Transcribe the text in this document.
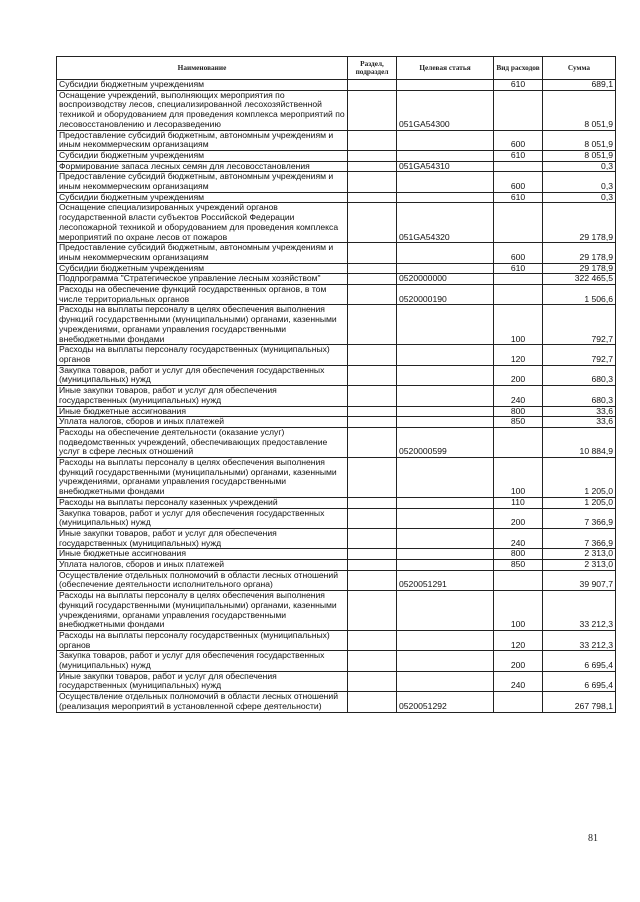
Наименование	Раздел, подраздел	Целевая статья	Вид расходов	Сумма
Субсидии бюджетным учреждениям			610	689,1
Оснащение учреждений, выполняющих мероприятия по воспроизводству лесов, специализированной лесохозяйственной техникой и оборудованием для проведения комплекса мероприятий по лесовосстановлению и лесоразведению		051GA54300		8 051,9
Предоставление субсидий бюджетным, автономным учреждениям и иным некоммерческим организациям			600	8 051,9
Субсидии бюджетным учреждениям			610	8 051,9
Формирование запаса лесных семян для лесовосстановления		051GA54310		0,3
Предоставление субсидий бюджетным, автономным учреждениям и иным некоммерческим организациям			600	0,3
Субсидии бюджетным учреждениям			610	0,3
Оснащение специализированных учреждений органов государственной власти субъектов Российской Федерации лесопожарной техникой и оборудованием для проведения комплекса мероприятий по охране лесов от пожаров		051GA54320		29 178,9
Предоставление субсидий бюджетным, автономным учреждениям и иным некоммерческим организациям			600	29 178,9
Субсидии бюджетным учреждениям			610	29 178,9
Подпрограмма "Стратегическое управление лесным хозяйством"		0520000000		322 465,5
Расходы на обеспечение функций государственных органов, в том числе территориальных органов		0520000190		1 506,6
Расходы на выплаты персоналу в целях обеспечения выполнения функций государственными (муниципальными) органами, казенными учреждениями, органами управления государственными внебюджетными фондами			100	792,7
Расходы на выплаты персоналу государственных (муниципальных) органов			120	792,7
Закупка товаров, работ и услуг для обеспечения государственных (муниципальных) нужд			200	680,3
Иные закупки товаров, работ и услуг для обеспечения государственных (муниципальных) нужд			240	680,3
Иные бюджетные ассигнования			800	33,6
Уплата налогов, сборов и иных платежей			850	33,6
Расходы на обеспечение деятельности (оказание услуг) подведомственных учреждений, обеспечивающих предоставление услуг в сфере лесных отношений		0520000599		10 884,9
Расходы на выплаты персоналу в целях обеспечения выполнения функций государственными (муниципальными) органами, казенными учреждениями, органами управления государственными внебюджетными фондами			100	1 205,0
Расходы на выплаты персоналу казенных учреждений			110	1 205,0
Закупка товаров, работ и услуг для обеспечения государственных (муниципальных) нужд			200	7 366,9
Иные закупки товаров, работ и услуг для обеспечения государственных (муниципальных) нужд			240	7 366,9
Иные бюджетные ассигнования			800	2 313,0
Уплата налогов, сборов и иных платежей			850	2 313,0
Осуществление отдельных полномочий в области лесных отношений (обеспечение деятельности исполнительного органа)		0520051291		39 907,7
Расходы на выплаты персоналу в целях обеспечения выполнения функций государственными (муниципальными) органами, казенными учреждениями, органами управления государственными внебюджетными фондами			100	33 212,3
Расходы на выплаты персоналу государственных (муниципальных) органов			120	33 212,3
Закупка товаров, работ и услуг для обеспечения государственных (муниципальных) нужд			200	6 695,4
Иные закупки товаров, работ и услуг для обеспечения государственных (муниципальных) нужд			240	6 695,4
Осуществление отдельных полномочий в области лесных отношений (реализация мероприятий в установленной сфере деятельности)		0520051292		267 798,1
81
